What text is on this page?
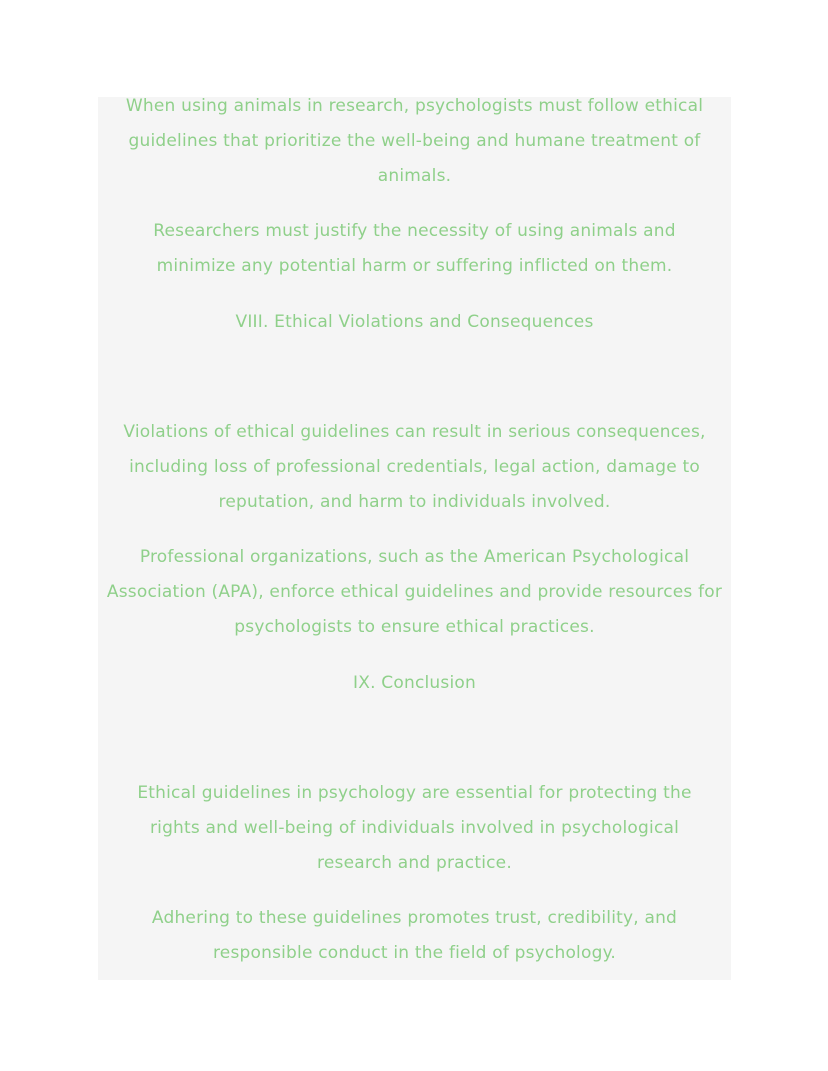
When using animals in research, psychologists must follow ethical guidelines that prioritize the well-being and humane treatment of animals.

Researchers must justify the necessity of using animals and minimize any potential harm or suffering inflicted on them.

VIII. Ethical Violations and Consequences

Violations of ethical guidelines can result in serious consequences, including loss of professional credentials, legal action, damage to reputation, and harm to individuals involved.

Professional organizations, such as the American Psychological Association (APA), enforce ethical guidelines and provide resources for psychologists to ensure ethical practices.

IX. Conclusion

Ethical guidelines in psychology are essential for protecting the rights and well-being of individuals involved in psychological research and practice.

Adhering to these guidelines promotes trust, credibility, and responsible conduct in the field of psychology.
